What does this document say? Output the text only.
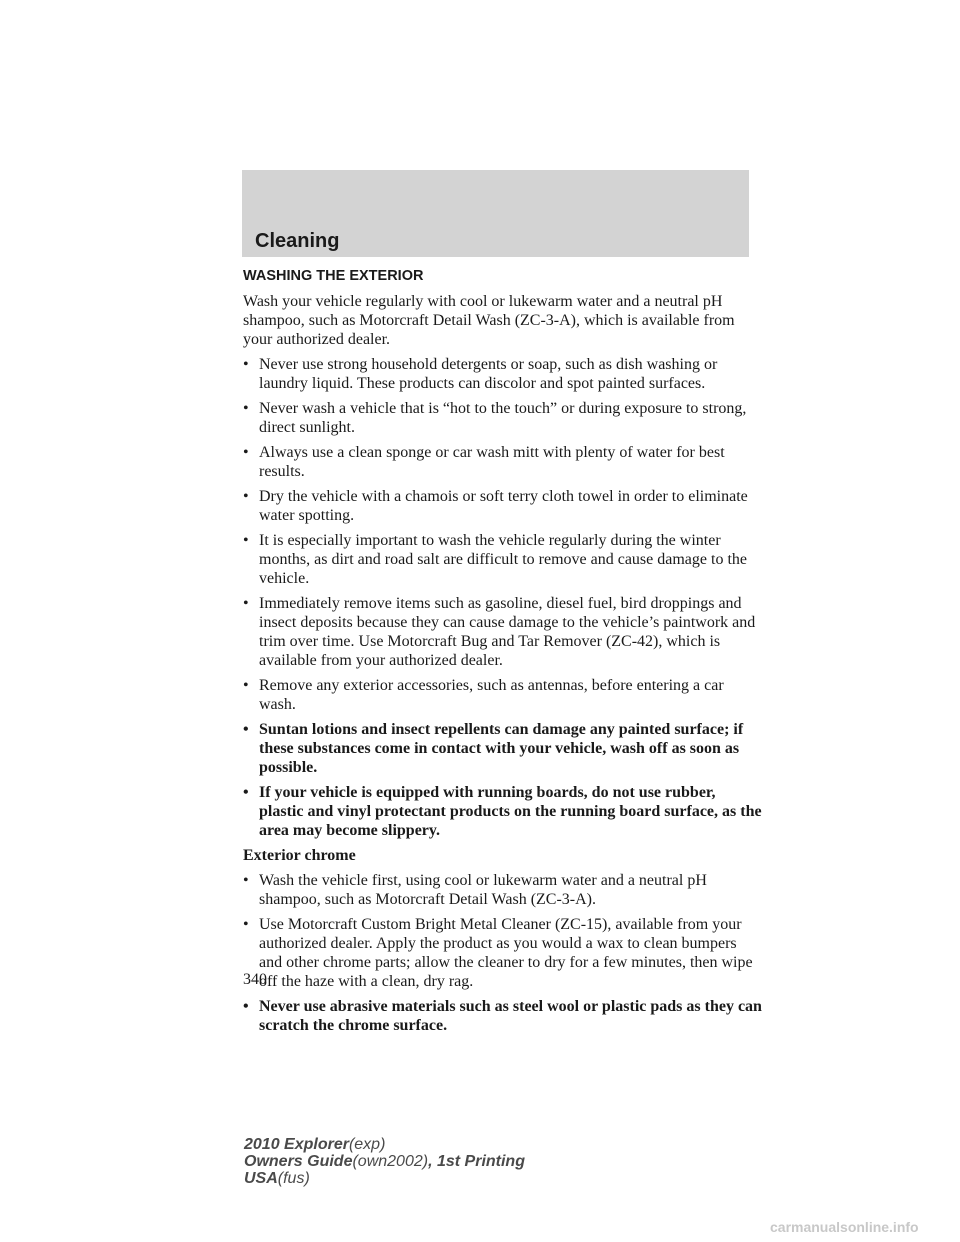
Cleaning
WASHING THE EXTERIOR

Wash your vehicle regularly with cool or lukewarm water and a neutral pH shampoo, such as Motorcraft Detail Wash (ZC-3-A), which is available from your authorized dealer.

• Never use strong household detergents or soap, such as dish washing or laundry liquid. These products can discolor and spot painted surfaces.
• Never wash a vehicle that is “hot to the touch” or during exposure to strong, direct sunlight.
• Always use a clean sponge or car wash mitt with plenty of water for best results.
• Dry the vehicle with a chamois or soft terry cloth towel in order to eliminate water spotting.
• It is especially important to wash the vehicle regularly during the winter months, as dirt and road salt are difficult to remove and cause damage to the vehicle.
• Immediately remove items such as gasoline, diesel fuel, bird droppings and insect deposits because they can cause damage to the vehicle’s paintwork and trim over time. Use Motorcraft Bug and Tar Remover (ZC-42), which is available from your authorized dealer.
• Remove any exterior accessories, such as antennas, before entering a car wash.
• Suntan lotions and insect repellents can damage any painted surface; if these substances come in contact with your vehicle, wash off as soon as possible.
• If your vehicle is equipped with running boards, do not use rubber, plastic and vinyl protectant products on the running board surface, as the area may become slippery.
Exterior chrome
• Wash the vehicle first, using cool or lukewarm water and a neutral pH shampoo, such as Motorcraft Detail Wash (ZC-3-A).
• Use Motorcraft Custom Bright Metal Cleaner (ZC-15), available from your authorized dealer. Apply the product as you would a wax to clean bumpers and other chrome parts; allow the cleaner to dry for a few minutes, then wipe off the haze with a clean, dry rag.
• Never use abrasive materials such as steel wool or plastic pads as they can scratch the chrome surface.
340
2010 Explorer(exp)
Owners Guide(own2002), 1st Printing
USA(fus)
carmanualsonline.info
